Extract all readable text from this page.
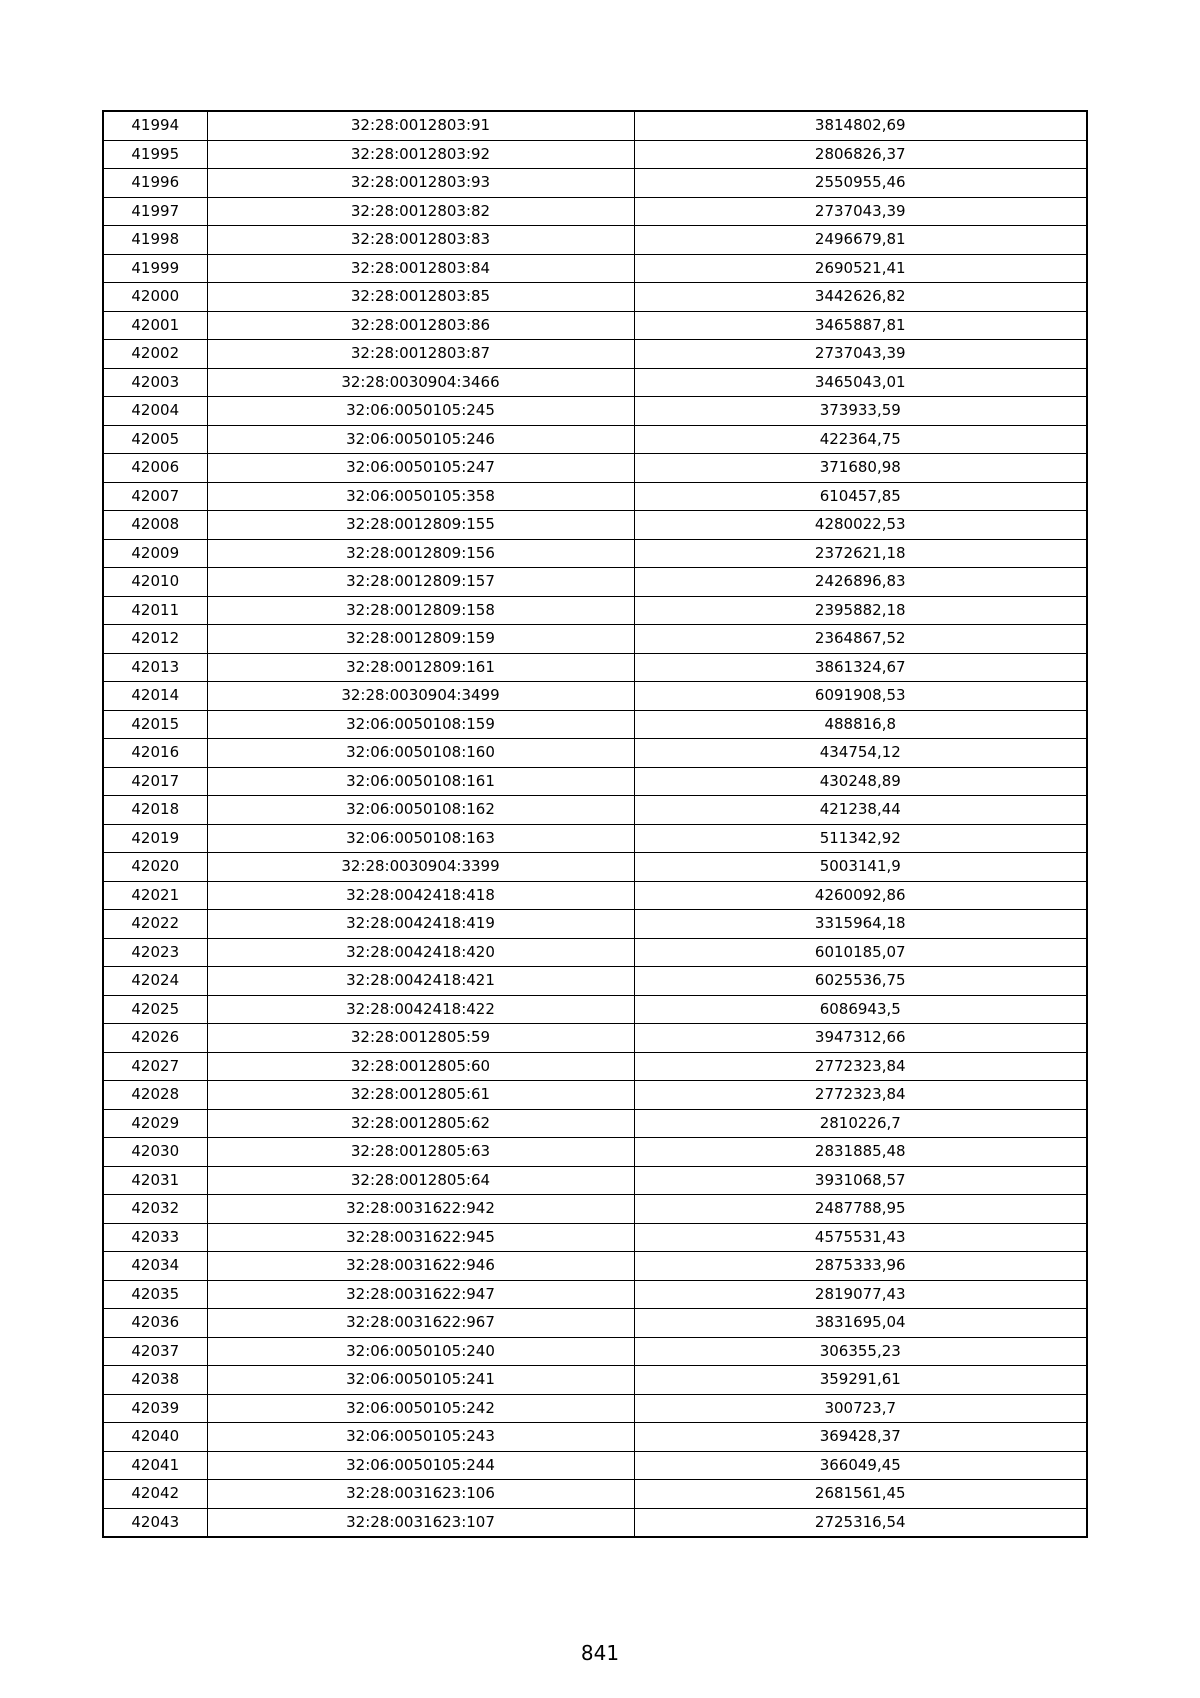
41994	32:28:0012803:91	3814802,69
41995	32:28:0012803:92	2806826,37
41996	32:28:0012803:93	2550955,46
41997	32:28:0012803:82	2737043,39
41998	32:28:0012803:83	2496679,81
41999	32:28:0012803:84	2690521,41
42000	32:28:0012803:85	3442626,82
42001	32:28:0012803:86	3465887,81
42002	32:28:0012803:87	2737043,39
42003	32:28:0030904:3466	3465043,01
42004	32:06:0050105:245	373933,59
42005	32:06:0050105:246	422364,75
42006	32:06:0050105:247	371680,98
42007	32:06:0050105:358	610457,85
42008	32:28:0012809:155	4280022,53
42009	32:28:0012809:156	2372621,18
42010	32:28:0012809:157	2426896,83
42011	32:28:0012809:158	2395882,18
42012	32:28:0012809:159	2364867,52
42013	32:28:0012809:161	3861324,67
42014	32:28:0030904:3499	6091908,53
42015	32:06:0050108:159	488816,8
42016	32:06:0050108:160	434754,12
42017	32:06:0050108:161	430248,89
42018	32:06:0050108:162	421238,44
42019	32:06:0050108:163	511342,92
42020	32:28:0030904:3399	5003141,9
42021	32:28:0042418:418	4260092,86
42022	32:28:0042418:419	3315964,18
42023	32:28:0042418:420	6010185,07
42024	32:28:0042418:421	6025536,75
42025	32:28:0042418:422	6086943,5
42026	32:28:0012805:59	3947312,66
42027	32:28:0012805:60	2772323,84
42028	32:28:0012805:61	2772323,84
42029	32:28:0012805:62	2810226,7
42030	32:28:0012805:63	2831885,48
42031	32:28:0012805:64	3931068,57
42032	32:28:0031622:942	2487788,95
42033	32:28:0031622:945	4575531,43
42034	32:28:0031622:946	2875333,96
42035	32:28:0031622:947	2819077,43
42036	32:28:0031622:967	3831695,04
42037	32:06:0050105:240	306355,23
42038	32:06:0050105:241	359291,61
42039	32:06:0050105:242	300723,7
42040	32:06:0050105:243	369428,37
42041	32:06:0050105:244	366049,45
42042	32:28:0031623:106	2681561,45
42043	32:28:0031623:107	2725316,54
841
